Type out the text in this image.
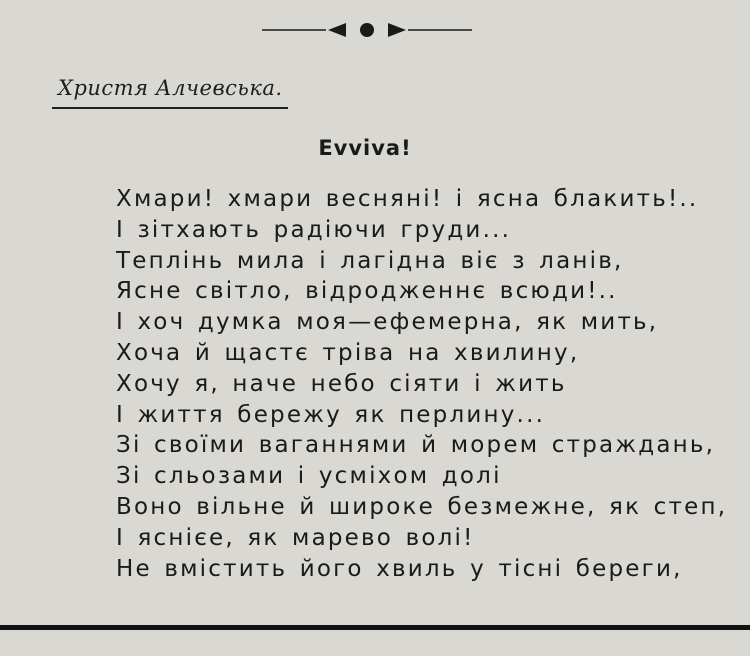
Христя Алчевська.
Evviva!
Хмари! хмари весняні! і ясна блакить!..
І зітхають радіючи груди...
Теплінь мила і лагідна віє з ланів,
Ясне світло, відродженнє всюди!..
І хоч думка моя—ефемерна, як мить,
Хоча й щастє тріва на хвилину,
Хочу я, наче небо сіяти і жить
І життя бережу як перлину...
Зі своїми ваганнями й морем страждань,
Зі сльозами і усміхом долі
Воно вільне й широке безмежне, як степ,
І яснієе, як марево волі!
Не вмістить його хвиль у тісні береги,
